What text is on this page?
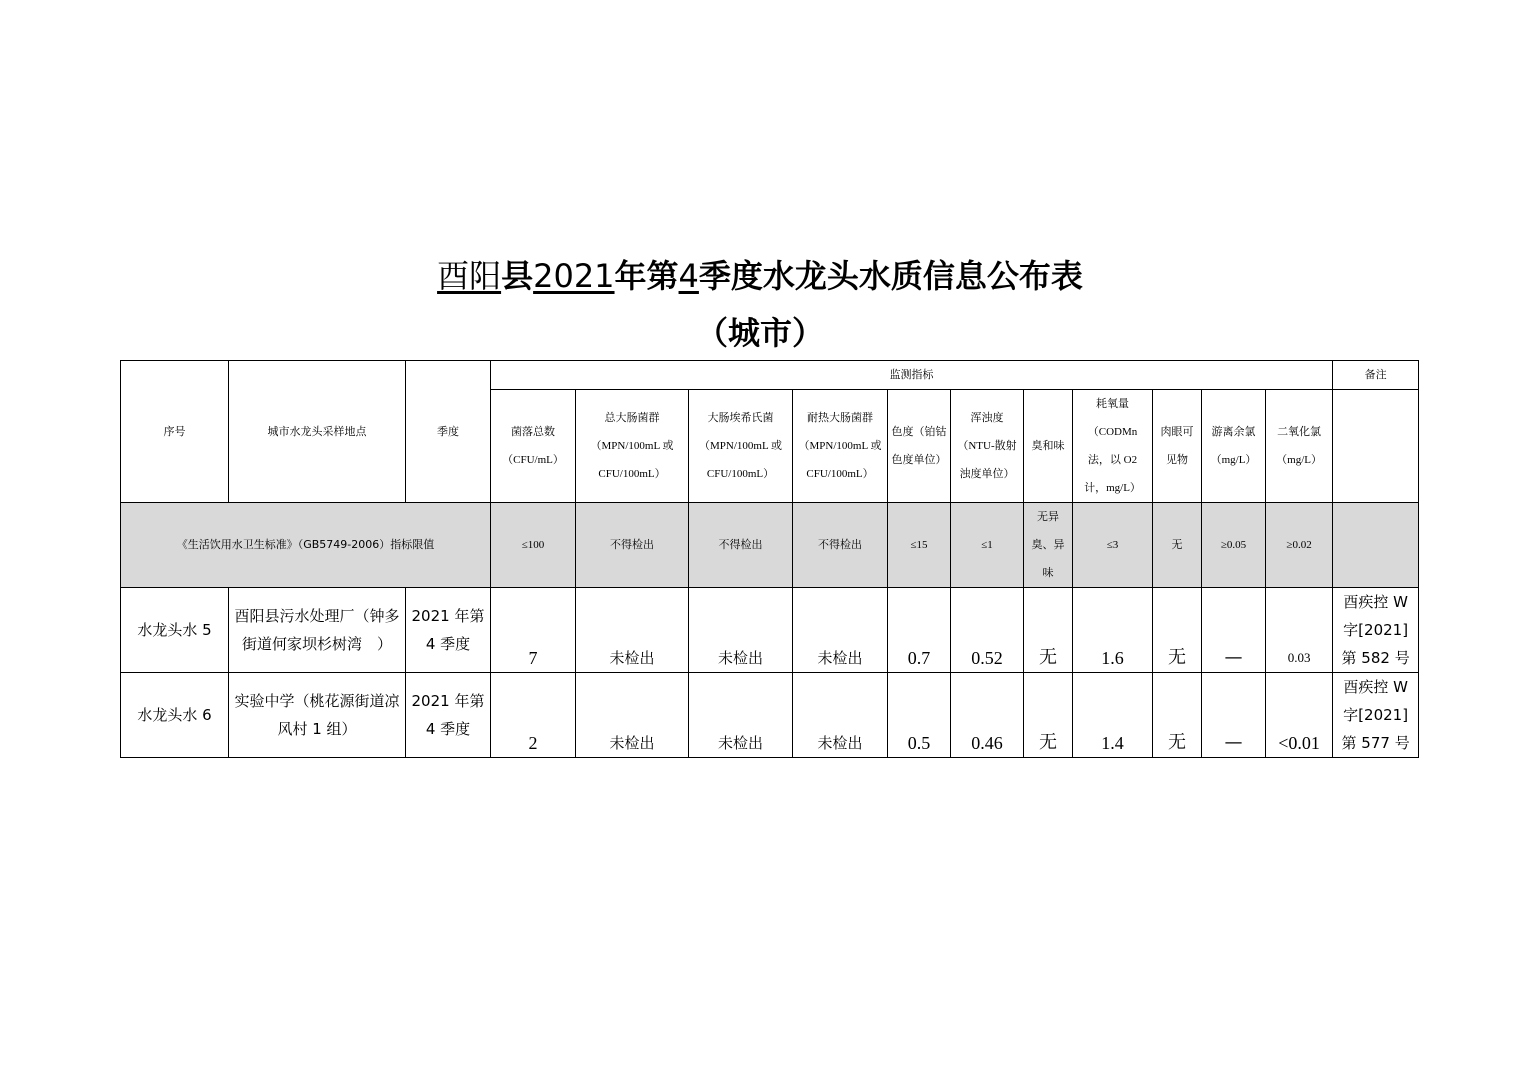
酉阳县2021年第4季度水龙头水质信息公布表
（城市）
序号	城市水龙头采样地点	季度	监测指标											备注
			菌落总数（CFU/mL）	总大肠菌群（MPN/100mL 或 CFU/100mL）	大肠埃希氏菌（MPN/100mL 或 CFU/100mL）	耐热大肠菌群（MPN/100mL 或 CFU/100mL）	色度（铂钴色度单位）	浑浊度（NTU-散射浊度单位）	臭和味	耗氧量（CODMn 法，以 O2 计，mg/L）	肉眼可见物	游离余氯（mg/L）	二氧化氯（mg/L）	
《生活饮用水卫生标准》（GB5749-2006）指标限值			≤100	不得检出	不得检出	不得检出	≤15	≤1	无异臭、异味	≤3	无	≥0.05	≥0.02	
水龙头水 5	酉阳县污水处理厂（钟多街道何家坝杉树湾　）	2021 年第 4 季度	7	未检出	未检出	未检出	0.7	0.52	无	1.6	无	—	0.03	酉疾控 W 字[2021]第 582 号
水龙头水 6	实验中学（桃花源街道凉风村 1 组）	2021 年第 4 季度	2	未检出	未检出	未检出	0.5	0.46	无	1.4	无	—	<0.01	酉疾控 W 字[2021]第 577 号
